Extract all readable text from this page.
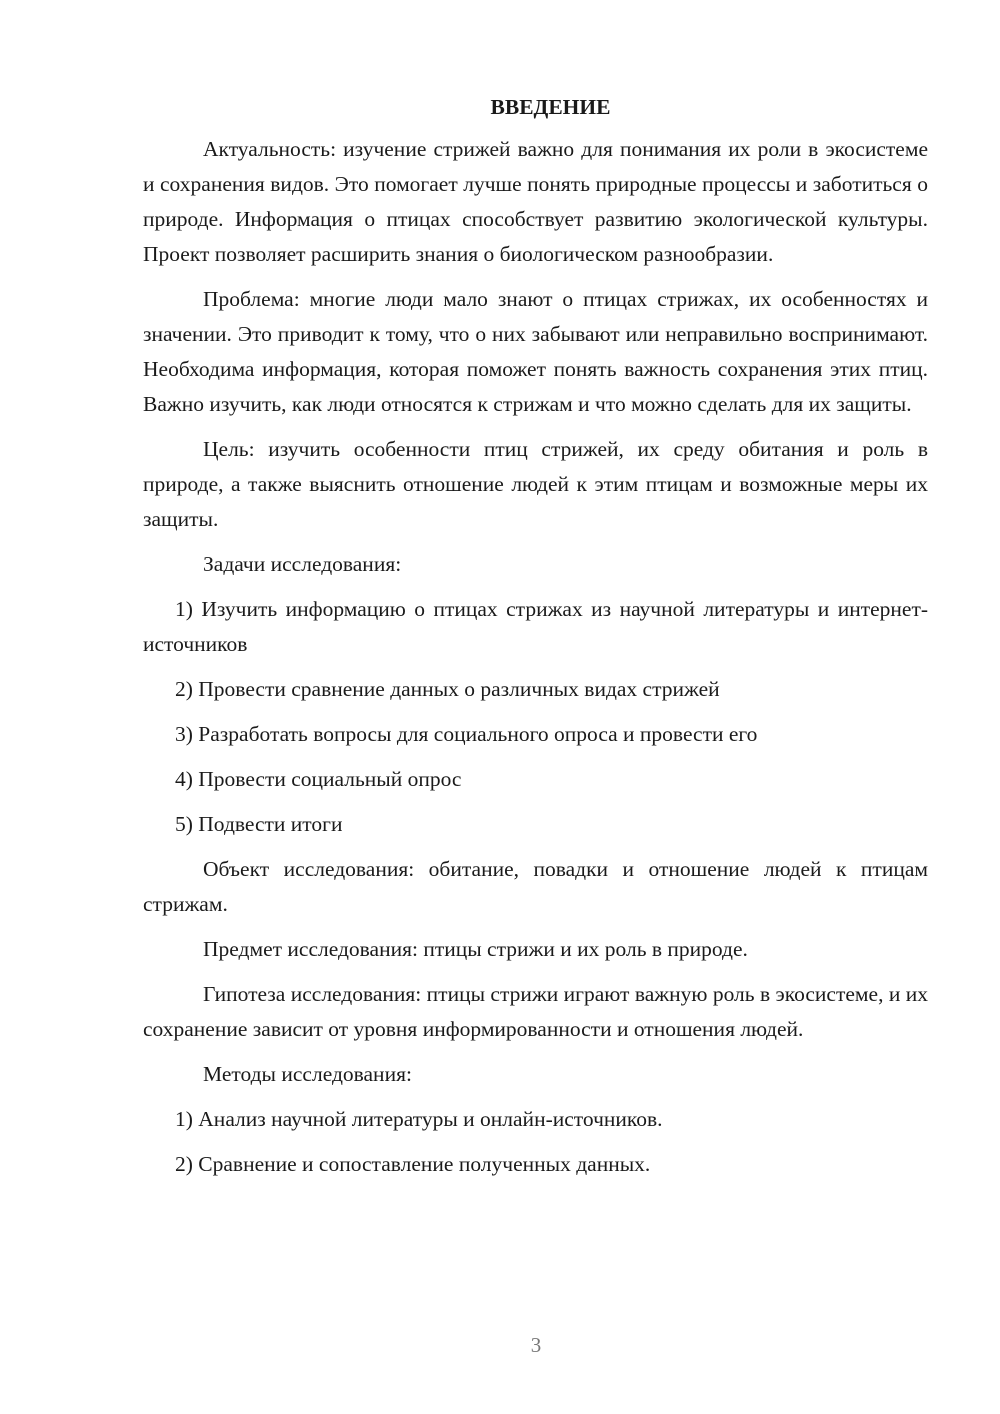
ВВЕДЕНИЕ

Актуальность: изучение стрижей важно для понимания их роли в экосистеме и сохранения видов. Это помогает лучше понять природные процессы и заботиться о природе. Информация о птицах способствует развитию экологической культуры. Проект позволяет расширить знания о биологическом разнообразии.

Проблема: многие люди мало знают о птицах стрижах, их особенностях и значении. Это приводит к тому, что о них забывают или неправильно воспринимают. Необходима информация, которая поможет понять важность сохранения этих птиц. Важно изучить, как люди относятся к стрижам и что можно сделать для их защиты.

Цель: изучить особенности птиц стрижей, их среду обитания и роль в природе, а также выяснить отношение людей к этим птицам и возможные меры их защиты.

Задачи исследования:

1) Изучить информацию о птицах стрижах из научной литературы и интернет-источников
2) Провести сравнение данных о различных видах стрижей
3) Разработать вопросы для социального опроса и провести его
4) Провести социальный опрос
5) Подвести итоги

Объект исследования: обитание, повадки и отношение людей к птицам стрижам.

Предмет исследования: птицы стрижи и их роль в природе.

Гипотеза исследования: птицы стрижи играют важную роль в экосистеме, и их сохранение зависит от уровня информированности и отношения людей.

Методы исследования:

1) Анализ научной литературы и онлайн-источников.
2) Сравнение и сопоставление полученных данных.
3
